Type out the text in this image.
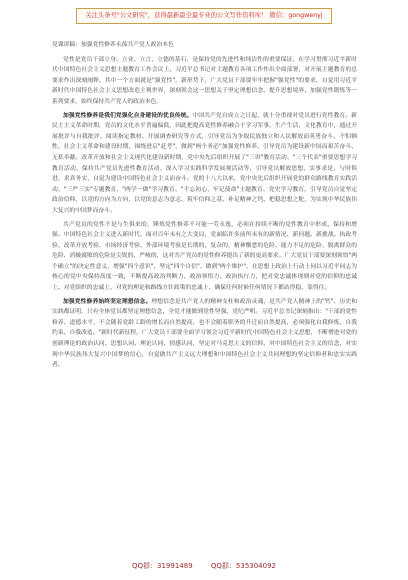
关注头条号"公文研究"，获得最新最全最专业的公文写作资料库！ 微信：gongwenyj

党课讲稿：加强党性修养永葆共产党人政治本色

党性是党员干部立身、立业、立言、立德的基石，是保持党的先进性和纯洁性的重要保证。在学习贯彻习近平新时代中国特色社会主义思想主题教育工作会议上，习近平总书记对主题教育各项工作作出全面部署，对开展主题教育的总要求作出深刻阐释，其中一个方面就是"强党性"。新形势下，广大党员干部要牢牢把握"强党性"的要求，自觉用习近平新时代中国特色社会主义思想改造主观世界，深刻领会这一思想关于坚定理想信念、提升思想境界、加强党性锻炼等一系列要求，始终保持共产党人的政治本色。

加强党性修养是我们党强化自身建设的优良传统。中国共产党自成立之日起，就十分重视对党员进行党性教育。新民主主义革命时期，党员的文化水平普遍偏低，因此把提高党性修养融合于学习军事、生产生活、文化教育中，通过开展批评与自我批评、阅读指定教材、开展调查研究等方式，引导党员为争取民族独立和人民解放而英勇奋斗、不怕牺牲。社会主义革命和建设时期，围绕进京"赶考"，做到"两个务必"加强党性修养，引导党员为建设新中国而艰苦奋斗、无私奉献。改革开放和社会主义现代化建设新时期，党中央先后组织开展了"三讲"教育活动、"三个代表"重要思想学习教育活动、保持共产党员先进性教育活动、深入学习实践科学发展观活动等，引导党员解放思想、实事求是，与时俱进、求真务实，自觉为建设中国特色社会主义而奋斗。党的十八大以来，党中央先后组织开展党的群众路线教育实践活动、"三严三实"专题教育、"两学一做"学习教育、"不忘初心、牢记使命"主题教育、党史学习教育，引导党员自觉坚定政治信仰，以党的方向为方向，以党的意志为意志，筑牢信仰之基、补足精神之钙、把稳思想之舵，为实现中华民族伟大复兴的中国梦而奋斗。

共产党员的党性不是与生俱来的，锤炼党性修养不可能一劳永逸，必须在持续不断的党性教育中形成、保持和增强。中国特色社会主义进入新时代，面对百年未有之大变局，党面临许多前所未有的新情况、新问题。新挑战。执政考验、改革开放考验、市场经济考验、外部环境考验是长期的、复杂的，精神懈怠的危险、能力不足的危险、脱离群众的危险、消极腐败的危险是尖锐的、严峻的，这对共产党员的党性修养提出了新的更高要求。广大党员干部要深刻领悟"两个确立"的决定性意义，增强"四个意识"、坚定"四个自信"、做到"两个维护"，在思想上政治上行动上同以习近平同志为核心的党中央保持高度一致，不断提高政治判断力、政治领悟力、政治执行力，把对党忠诚体现到对党的信仰的忠诚上、对党组织的忠诚上、对党的理论和路线方针政策的忠诚上，确保任何时候任何情况下都站得稳、靠得住。

加强党性修养始终坚定理想信念。理想信念是共产党人的精神支柱和政治灵魂，是共产党人精神上的"钙"。历史和实践都证明，只有全体党员都坚定理想信念，全党才能做到党性坚强、党纪严明。习近平总书记深刻指出："干部的党性修养、道德水平，不会随着党龄工龄的增长而自然提高，也不会随着职务的升迁而自然提高，必须强化自我修炼、自我约束、自我改造。"新时代新征程，广大党员干部要全面学习领会习近平新时代中国特色社会主义思想，不断增进对党的创新理论的政治认同、思想认同、理论认同、情感认同，坚定对马克思主义的信仰，对中国特色社会主义的信念，对实现中华民族伟大复兴中国梦的信心，自觉做共产主义远大理想和中国特色社会主义共同理想的坚定信仰者和忠实实践者。

QQ群：31991489	QQ群：535304092
